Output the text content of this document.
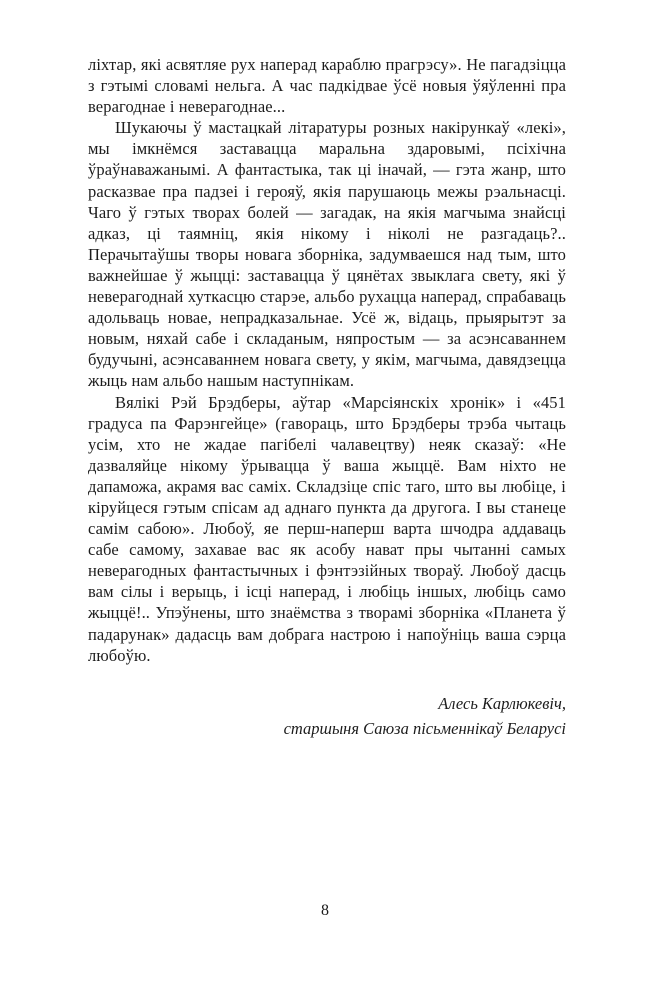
ліхтар, які асвятляе рух наперад караблю прагрэсу». Не пагадзіцца з гэтымі словамі нельга. А час падкідвае ўсё новыя ўяўленні пра верагоднае і неверагоднае...

Шукаючы ў мастацкай літаратуры розных накірункаў «лекі», мы імкнёмся заставацца маральна здаровымі, псіхічна ўраўнаважанымі. А фантастыка, так ці іначай, — гэта жанр, што расказвае пра падзеі і герояў, якія парушаюць межы рэальнасці. Чаго ў гэтых творах болей — загадак, на якія магчыма знайсці адказ, ці таямніц, якія нікому і ніколі не разгадаць?.. Перачытаўшы творы новага зборніка, задумваешся над тым, што важнейшае ў жыцці: заставацца ў цянётах звыклага свету, які ў неверагоднай хуткасцю старэе, альбо рухацца наперад, спрабаваць адольваць новае, непрадказальнае. Усё ж, відаць, прыярытэт за новым, няхай сабе і складаным, няпростым — за асэнсаваннем будучыні, асэнсаваннем новага свету, у якім, магчыма, давядзецца жыць нам альбо нашым наступнікам.

Вялікі Рэй Брэдберы, аўтар «Марсіянскіх хронік» і «451 градуса па Фарэнгейце» (гавораць, што Брэдберы трэба чытаць усім, хто не жадае пагібелі чалавецтву) неяк сказаў: «Не дазваляйце нікому ўрывацца ў ваша жыццё. Вам ніхто не дапаможа, акрамя вас саміх. Складзіце спіс таго, што вы любіце, і кіруйцеся гэтым спісам ад аднаго пункта да другога. І вы станеце самім сабою». Любоў, яе перш-наперш варта шчодра аддаваць сабе самому, захавае вас як асобу нават пры чытанні самых неверагодных фантастычных і фэнтэзійных твораў. Любоў дасць вам сілы і верыць, і ісці наперад, і любіць іншых, любіць само жыццё!.. Упэўнены, што знаёмства з творамі зборніка «Планета ў падарунак» дадасць вам добрага настрою і напоўніць ваша сэрца любоўю.

Алесь Карлюкевіч,

старшыня Саюза пісьменнікаў Беларусі

8
